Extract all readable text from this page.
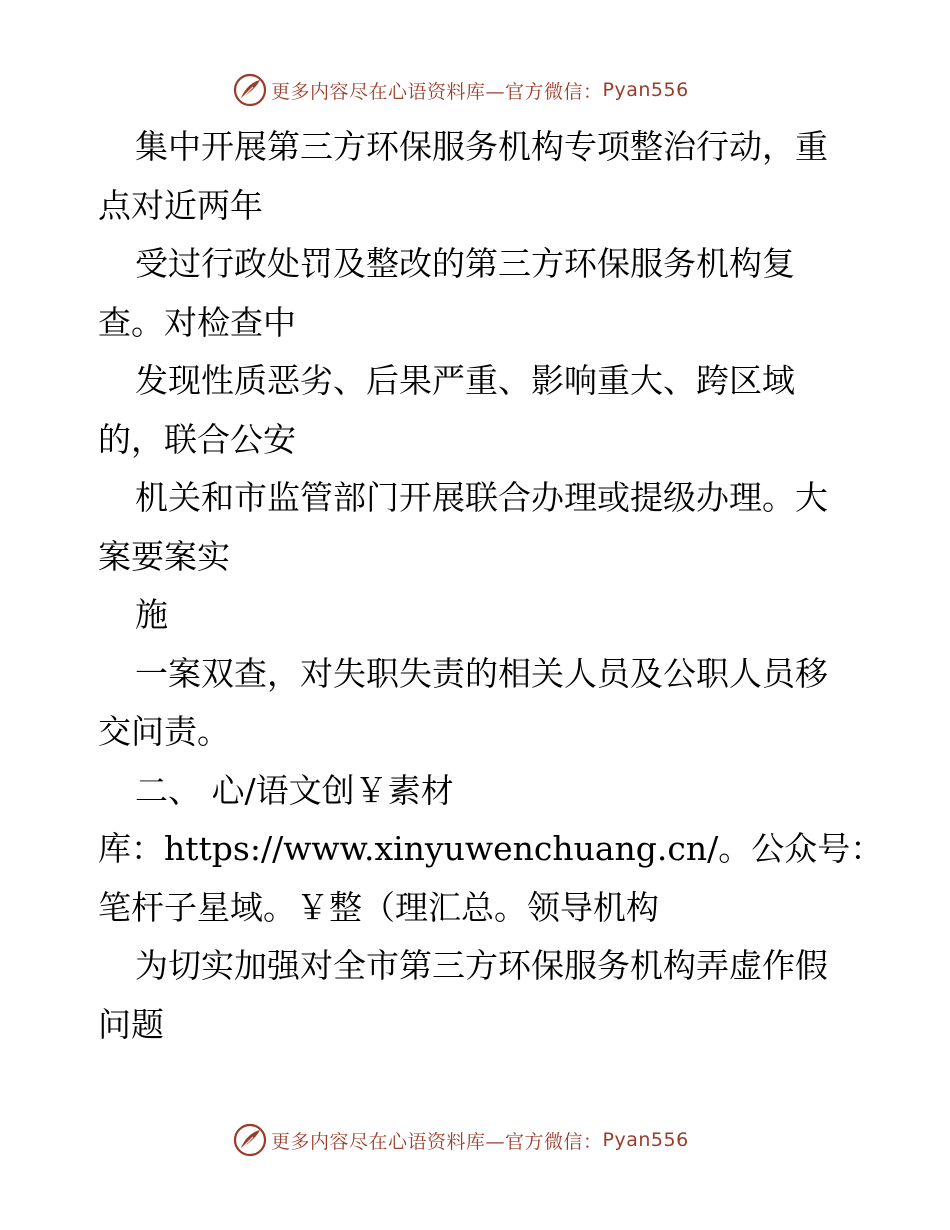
更多内容尽在心语资料库—官方微信： Pyan556
集中开展第三方环保服务机构专项整治行动，重
点对近两年
受过行政处罚及整改的第三方环保服务机构复
查。对检查中
发现性质恶劣、后果严重、影响重大、跨区域
的，联合公安
机关和市监管部门开展联合办理或提级办理。大
案要案实
施
一案双查，对失职失责的相关人员及公职人员移
交问责。
二、 心/语文创￥素材
库：https://www.xinyuwenchuang.cn/。公众号：
笔杆子星域。￥整（理汇总。领导机构
为切实加强对全市第三方环保服务机构弄虚作假
问题
更多内容尽在心语资料库—官方微信： Pyan556
